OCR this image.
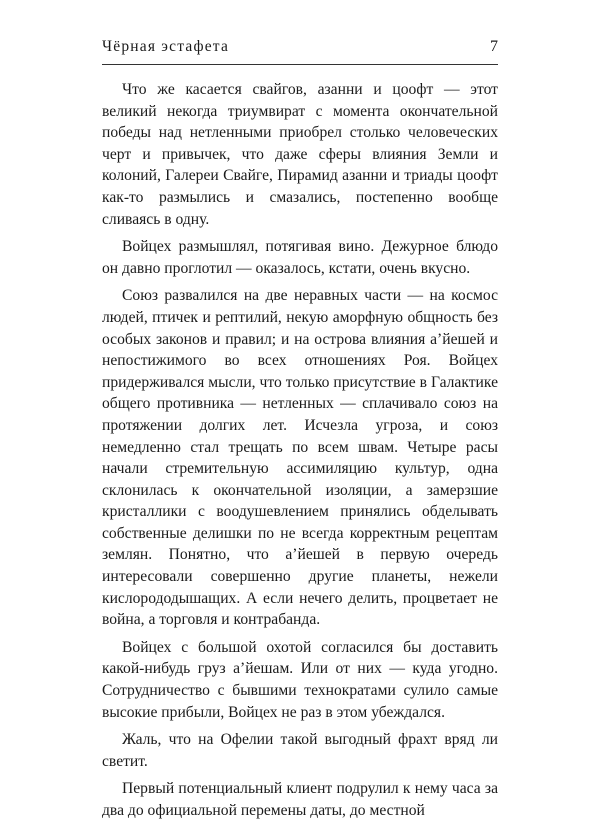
Чёрная эстафета	7

Что же касается свайгов, азанни и цоофт — этот великий некогда триумвират с момента окончательной победы над нетленными приобрел столько человеческих черт и привычек, что даже сферы влияния Земли и колоний, Галереи Свайге, Пирамид азанни и триады цоофт как-то размылись и смазались, постепенно вообще сливаясь в одну.

Войцех размышлял, потягивая вино. Дежурное блюдо он давно проглотил — оказалось, кстати, очень вкусно.

Союз развалился на две неравных части — на космос людей, птичек и рептилий, некую аморфную общность без особых законов и правил; и на острова влияния а’йешей и непостижимого во всех отношениях Роя. Войцех придерживался мысли, что только присутствие в Галактике общего противника — нетленных — сплачивало союз на протяжении долгих лет. Исчезла угроза, и союз немедленно стал трещать по всем швам. Четыре расы начали стремительную ассимиляцию культур, одна склонилась к окончательной изоляции, а замерзшие кристаллики с воодушевлением принялись обделывать собственные делишки по не всегда корректным рецептам землян. Понятно, что а’йешей в первую очередь интересовали совершенно другие планеты, нежели кислорододышащих. А если нечего делить, процветает не война, а торговля и контрабанда.

Войцех с большой охотой согласился бы доставить какой-нибудь груз а’йешам. Или от них — куда угодно. Сотрудничество с бывшими технократами сулило самые высокие прибыли, Войцех не раз в этом убеждался.

Жаль, что на Офелии такой выгодный фрахт вряд ли светит.

Первый потенциальный клиент подрулил к нему часа за два до официальной перемены даты, до местной
